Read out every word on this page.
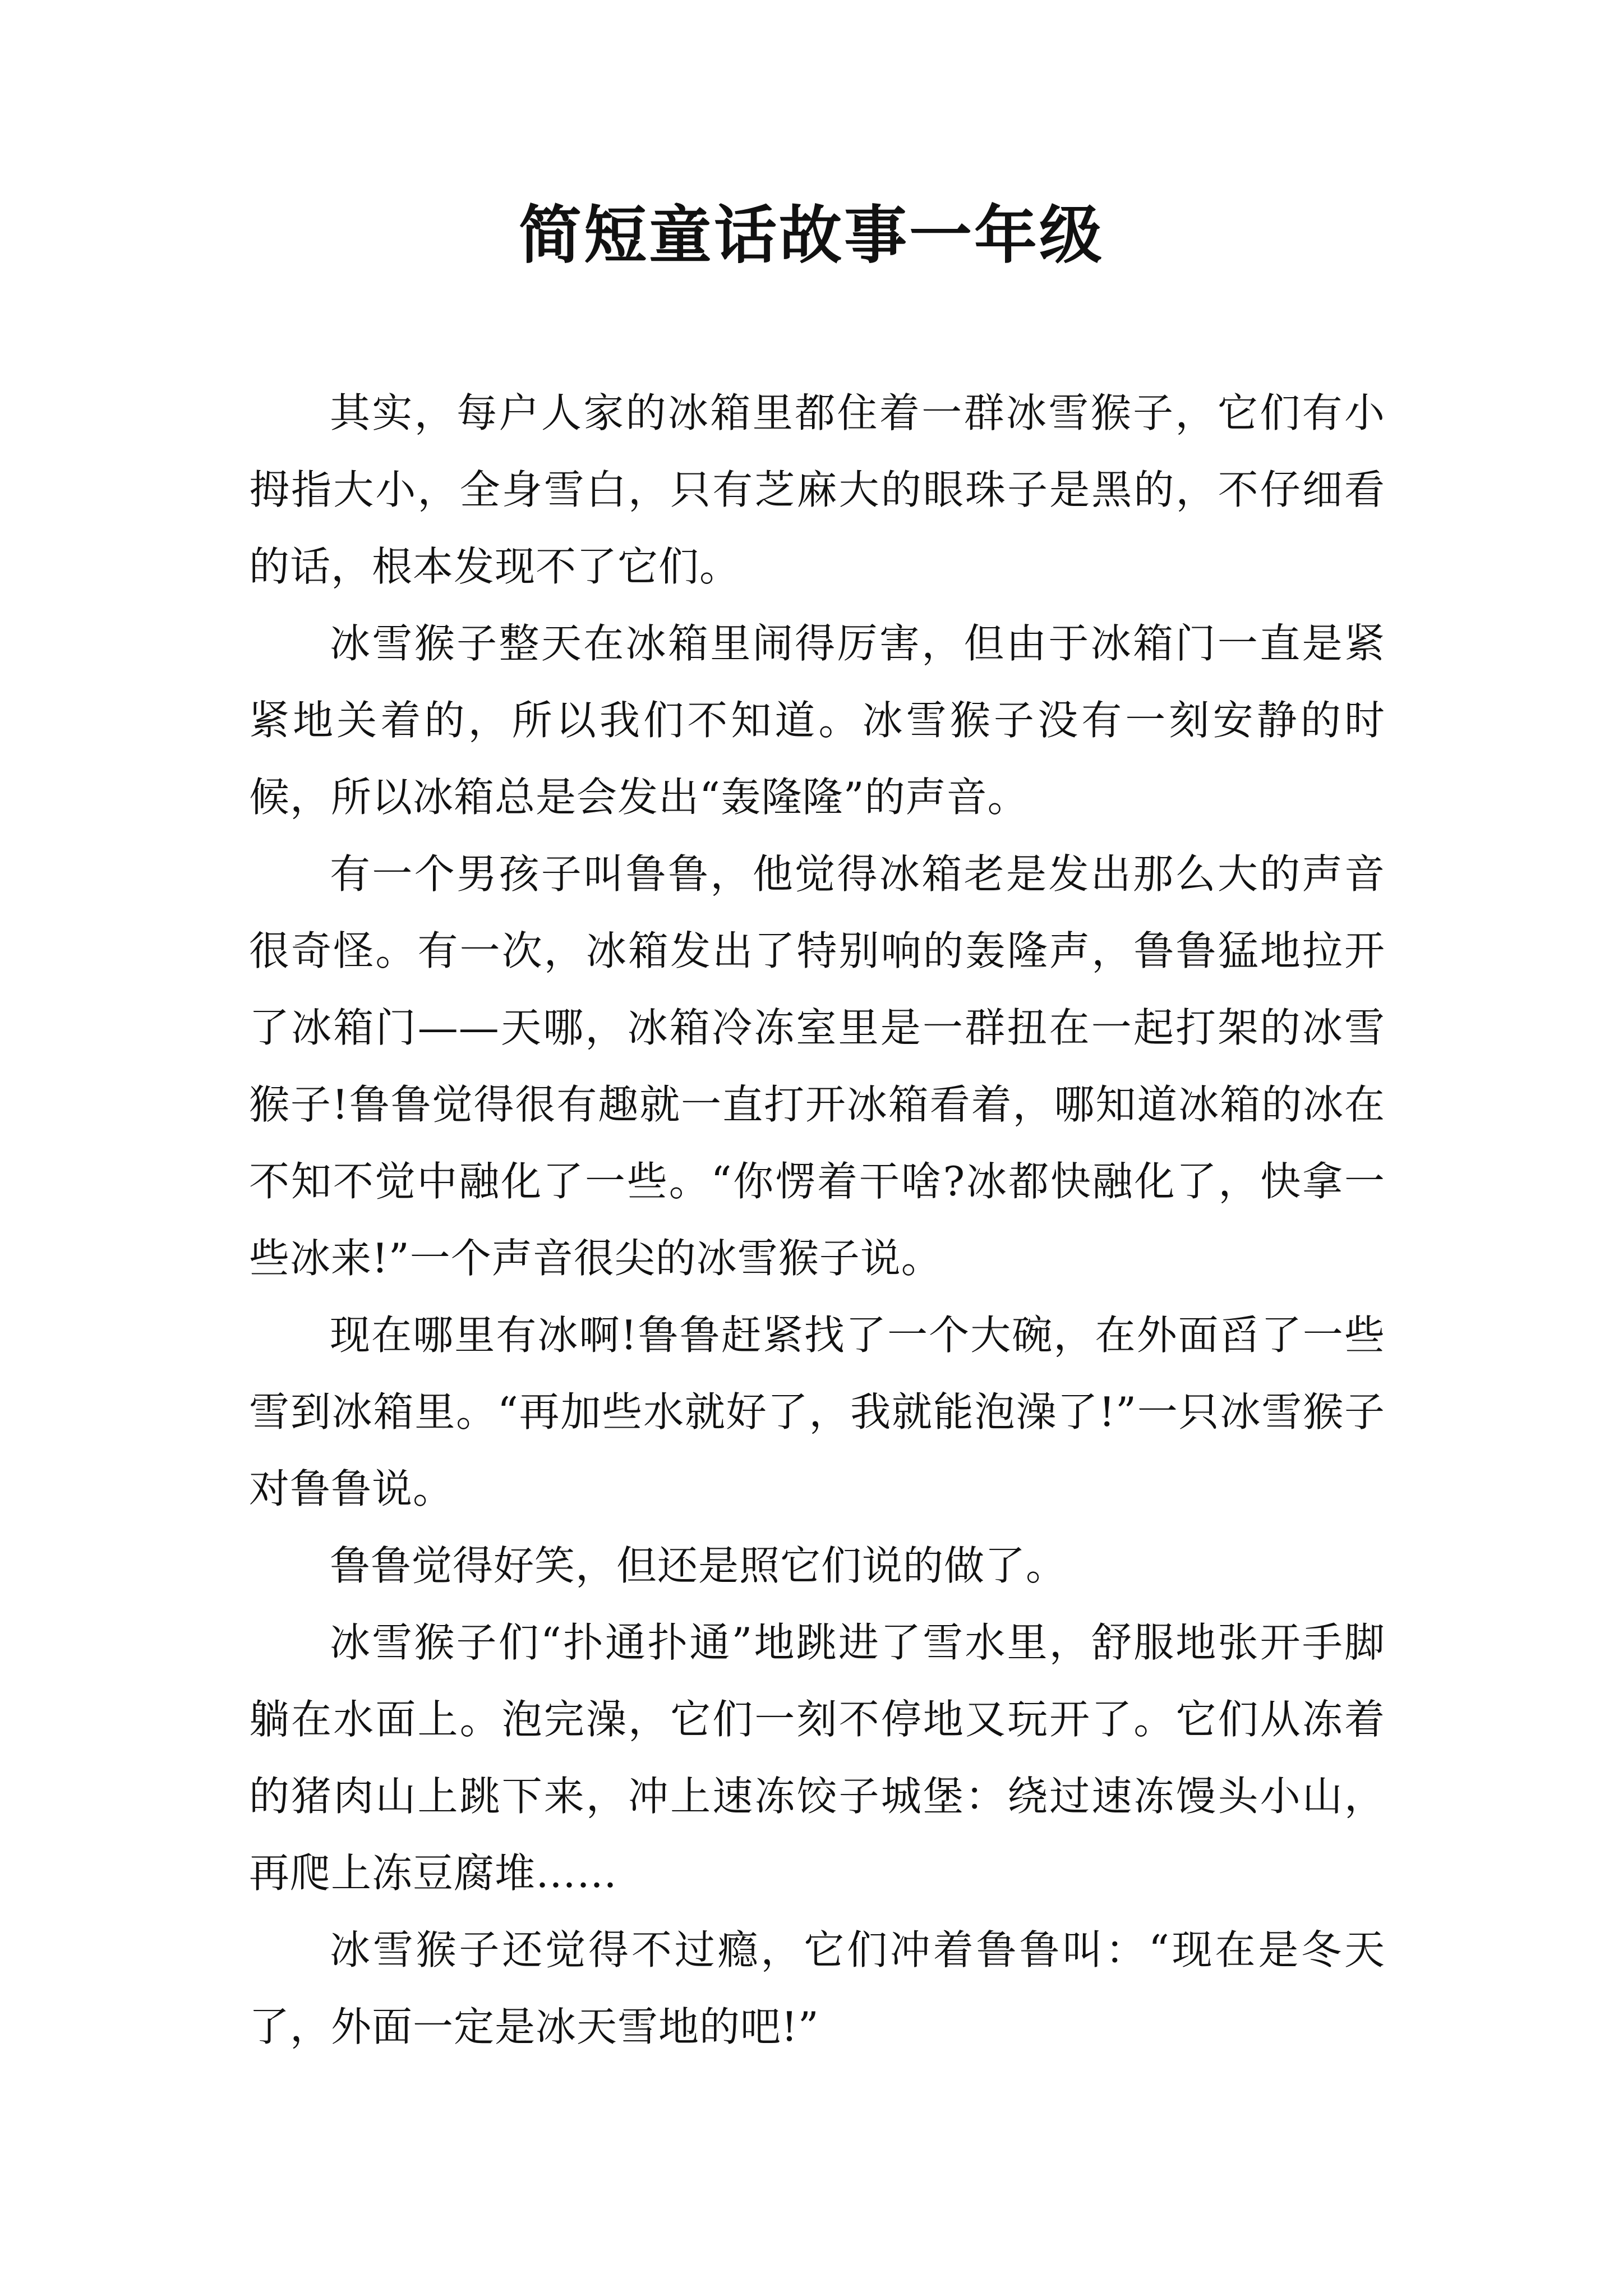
简短童话故事一年级

其实，每户人家的冰箱里都住着一群冰雪猴子，它们有小拇指大小，全身雪白，只有芝麻大的眼珠子是黑的，不仔细看的话，根本发现不了它们。

冰雪猴子整天在冰箱里闹得厉害，但由于冰箱门一直是紧紧地关着的，所以我们不知道。冰雪猴子没有一刻安静的时候，所以冰箱总是会发出“轰隆隆”的声音。

有一个男孩子叫鲁鲁，他觉得冰箱老是发出那么大的声音很奇怪。有一次，冰箱发出了特别响的轰隆声，鲁鲁猛地拉开了冰箱门——天哪，冰箱冷冻室里是一群扭在一起打架的冰雪猴子!鲁鲁觉得很有趣就一直打开冰箱看着，哪知道冰箱的冰在不知不觉中融化了一些。“你愣着干啥?冰都快融化了，快拿一些冰来!”一个声音很尖的冰雪猴子说。

现在哪里有冰啊!鲁鲁赶紧找了一个大碗，在外面舀了一些雪到冰箱里。“再加些水就好了，我就能泡澡了!”一只冰雪猴子对鲁鲁说。

鲁鲁觉得好笑，但还是照它们说的做了。

冰雪猴子们“扑通扑通”地跳进了雪水里，舒服地张开手脚躺在水面上。泡完澡，它们一刻不停地又玩开了。它们从冻着的猪肉山上跳下来，冲上速冻饺子城堡：绕过速冻馒头小山，再爬上冻豆腐堆……

冰雪猴子还觉得不过瘾，它们冲着鲁鲁叫：“现在是冬天了，外面一定是冰天雪地的吧!”
